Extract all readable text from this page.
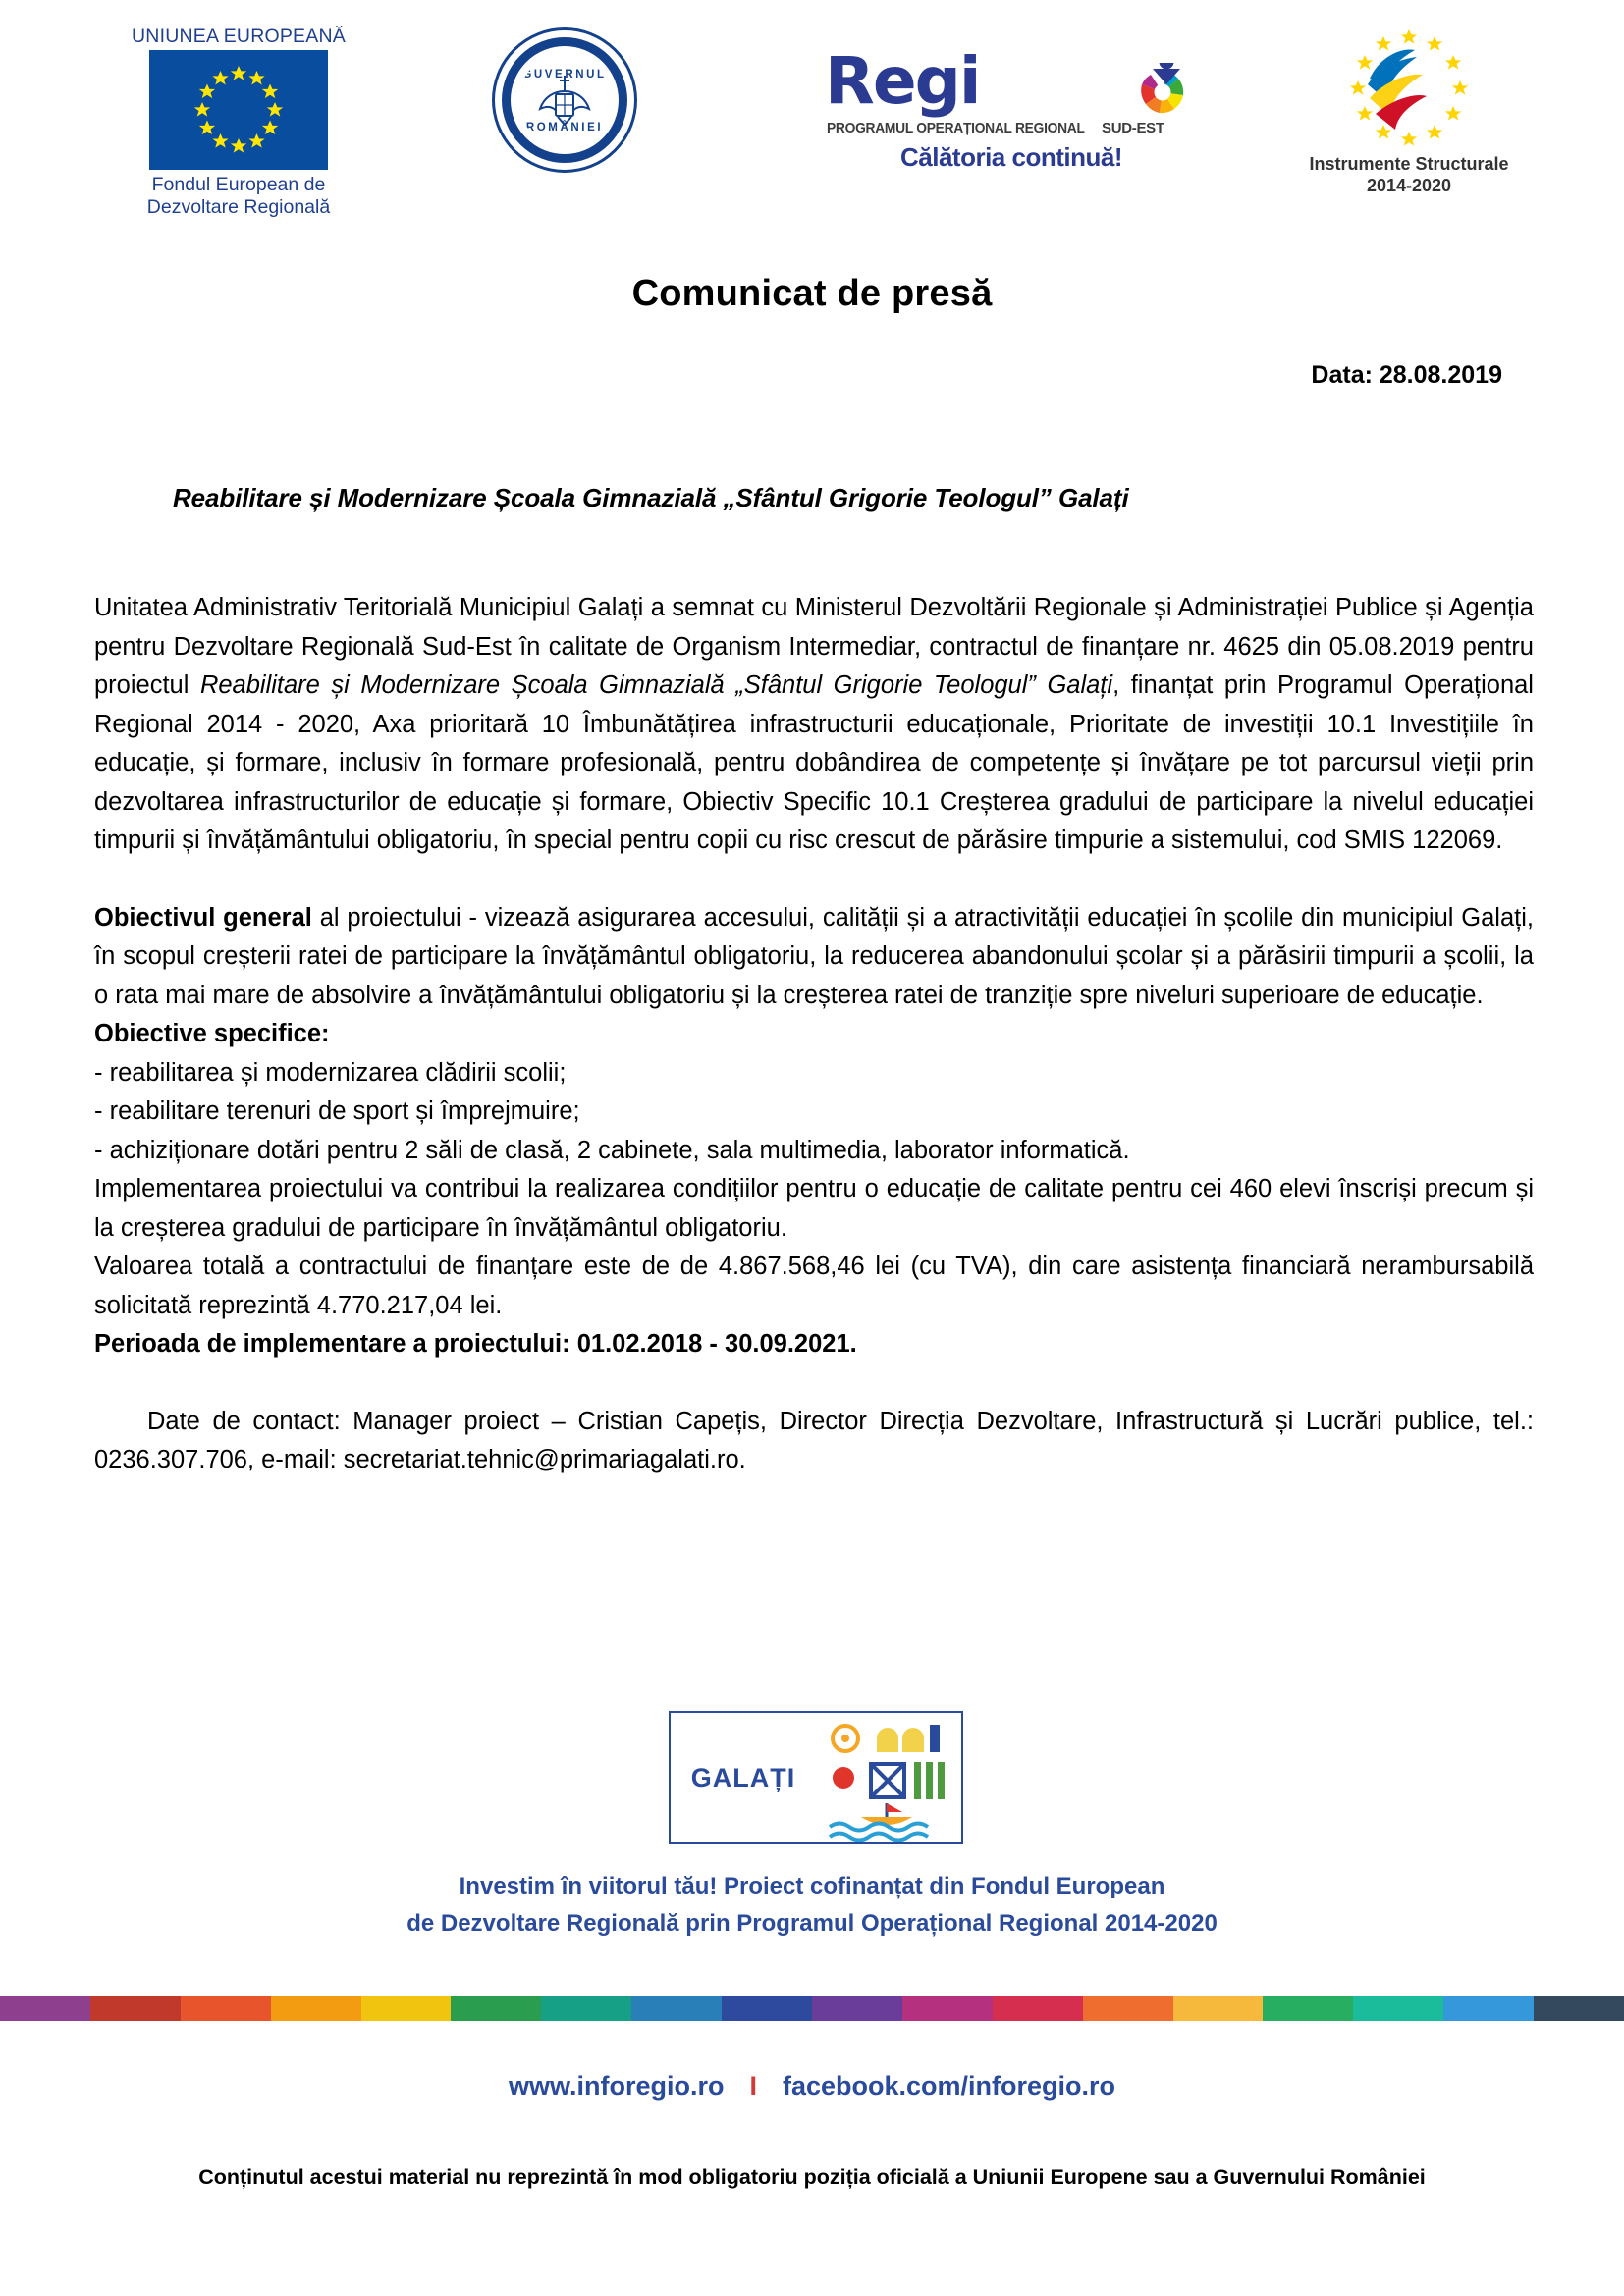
UNIUNEA EUROPEANĂ
Fondul European de
Dezvoltare Regională
GUVERNUL
ROMÂNIEI
Regi
PROGRAMUL OPERAȚIONAL REGIONAL SUD-EST
Călătoria continuă!	Instrumente Structurale
2014-2020
Comunicat de presă
Data: 28.08.2019
Reabilitare și Modernizare Școala Gimnazială „Sfântul Grigorie Teologul” Galați

Unitatea Administrativ Teritorială Municipiul Galați a semnat cu Ministerul Dezvoltării Regionale și Administrației Publice și Agenția pentru Dezvoltare Regională Sud-Est în calitate de Organism Intermediar, contractul de finanțare nr. 4625 din 05.08.2019 pentru proiectul Reabilitare și Modernizare Școala Gimnazială „Sfântul Grigorie Teologul” Galați, finanțat prin Programul Operațional Regional 2014 - 2020, Axa prioritară 10 Îmbunătățirea infrastructurii educaționale, Prioritate de investiții 10.1 Investițiile în educație, și formare, inclusiv în formare profesională, pentru dobândirea de competențe și învățare pe tot parcursul vieții prin dezvoltarea infrastructurilor de educație și formare, Obiectiv Specific 10.1 Creșterea gradului de participare la nivelul educației timpurii și învățământului obligatoriu, în special pentru copii cu risc crescut de părăsire timpurie a sistemului, cod SMIS 122069.

Obiectivul general al proiectului - vizează asigurarea accesului, calității și a atractivității educației în școlile din municipiul Galați, în scopul creșterii ratei de participare la învățământul obligatoriu, la reducerea abandonului școlar și a părăsirii timpurii a școlii, la o rata mai mare de absolvire a învățământului obligatoriu și la creșterea ratei de tranziție spre niveluri superioare de educație.

Obiective specifice:

- reabilitarea și modernizarea clădirii scolii;

- reabilitare terenuri de sport și împrejmuire;

- achiziționare dotări pentru 2 săli de clasă, 2 cabinete, sala multimedia, laborator informatică.

Implementarea proiectului va contribui la realizarea condițiilor pentru o educație de calitate pentru cei 460 elevi înscriși precum și la creșterea gradului de participare în învățământul obligatoriu.

Valoarea totală a contractului de finanțare este de de 4.867.568,46 lei (cu TVA), din care asistența financiară nerambursabilă solicitată reprezintă 4.770.217,04 lei.

Perioada de implementare a proiectului: 01.02.2018 - 30.09.2021.

Date de contact: Manager proiect – Cristian Capețis, Director Direcția Dezvoltare, Infrastructură și Lucrări publice, tel.: 0236.307.706, e-mail: secretariat.tehnic@primariagalati.ro.

GALAȚI
Investim în viitorul tău! Proiect cofinanțat din Fondul European
de Dezvoltare Regională prin Programul Operațional Regional 2014-2020
www.inforegio.ro I facebook.com/inforegio.ro
Conținutul acestui material nu reprezintă în mod obligatoriu poziția oficială a Uniunii Europene sau a Guvernului României
